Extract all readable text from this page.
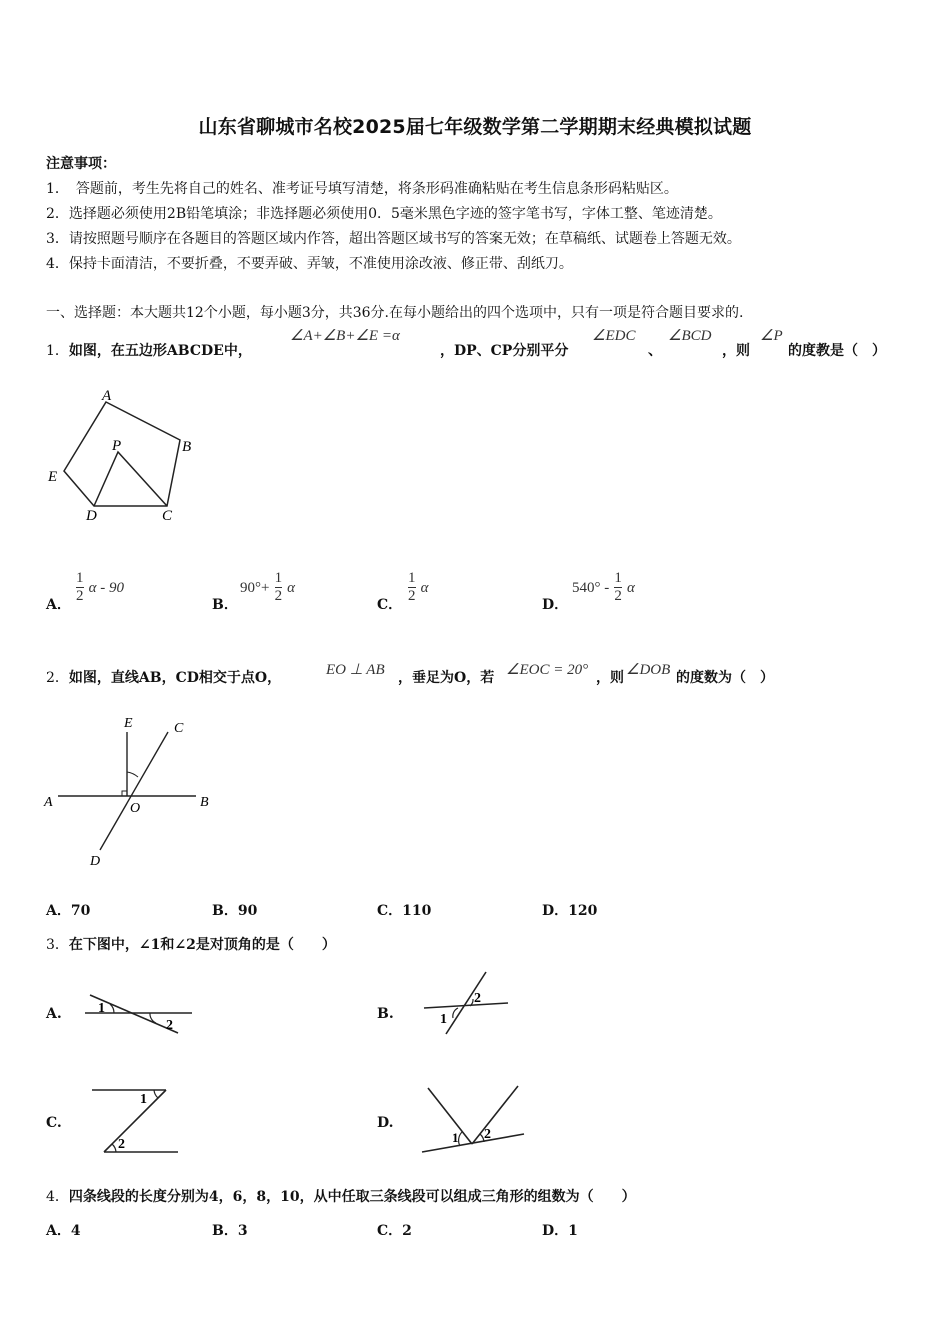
山东省聊城市名校2025届七年级数学第二学期期末经典模拟试题
注意事项：
1．　答题前，考生先将自己的姓名、准考证号填写清楚，将条形码准确粘贴在考生信息条形码粘贴区。
2．选择题必须使用2B铅笔填涂；非选择题必须使用0．5毫米黑色字迹的签字笔书写，字体工整、笔迹清楚。
3．请按照题号顺序在各题目的答题区域内作答，超出答题区域书写的答案无效；在草稿纸、试题卷上答题无效。
4．保持卡面清洁，不要折叠，不要弄破、弄皱，不准使用涂改液、修正带、刮纸刀。
一、选择题：本大题共12个小题，每小题3分，共36分.在每小题给出的四个选项中，只有一项是符合题目要求的.
1．如图，在五边形ABCDE中，
∠A+∠B+∠E =α
，DP、CP分别平分
∠EDC
、
∠BCD
，则
∠P
的度教是（　）
A
B
E
P
D	C
A． $\frac{1}{2}$ α - 90
B．
$90^\circ+ \frac{1}{2}$ α
C． $\frac{1}{2}$ α
D．
$540^\circ - \frac{1}{2}$ α
2．如图，直线AB，CD相交于点O，	EO ⊥ AB ，垂足为O，若 ∠EOC = 20° ，则 ∠DOB 的度数为（　）
E	C
A	O	B
D
A．70	B．90	C．110	D．120
3．在下图中，∠1和∠2是对顶角的是（　　）
A.	1
2
B.	1
2
C.
1
2
D.
1 2
4．四条线段的长度分别为4，6，8，10，从中任取三条线段可以组成三角形的组数为（　　）
A．4	B．3	C．2	D．1
